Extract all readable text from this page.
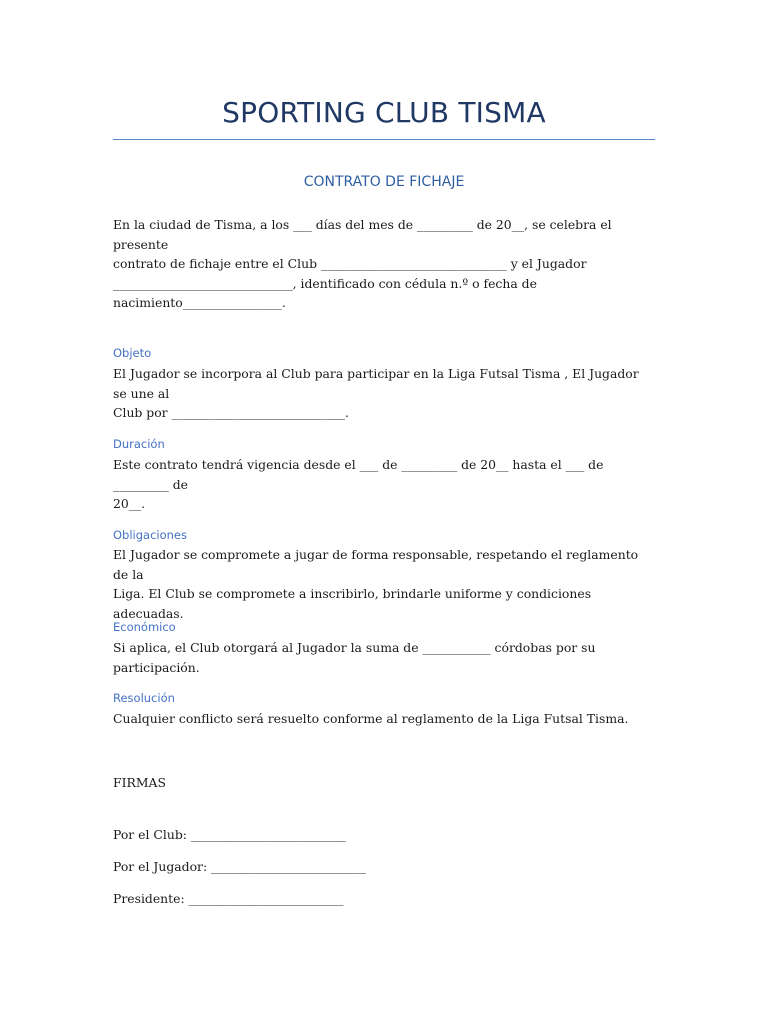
SPORTING CLUB TISMA
CONTRATO DE FICHAJE

En la ciudad de Tisma, a los ___ días del mes de _________ de 20__, se celebra el presente
contrato de fichaje entre el Club ______________________________ y el Jugador
_____________________________, identificado con cédula n.º o fecha de
nacimiento________________.

Objeto

El Jugador se incorpora al Club para participar en la Liga Futsal Tisma , El Jugador se une al
Club por ____________________________.

Duración

Este contrato tendrá vigencia desde el ___ de _________ de 20__ hasta el ___ de _________ de
20__.

Obligaciones

El Jugador se compromete a jugar de forma responsable, respetando el reglamento de la
Liga. El Club se compromete a inscribirlo, brindarle uniforme y condiciones adecuadas.

Económico

Si aplica, el Club otorgará al Jugador la suma de ___________ córdobas por su participación.

Resolución

Cualquier conflicto será resuelto conforme al reglamento de la Liga Futsal Tisma.

FIRMAS

Por el Club: _________________________

Por el Jugador: _________________________

Presidente: _________________________
